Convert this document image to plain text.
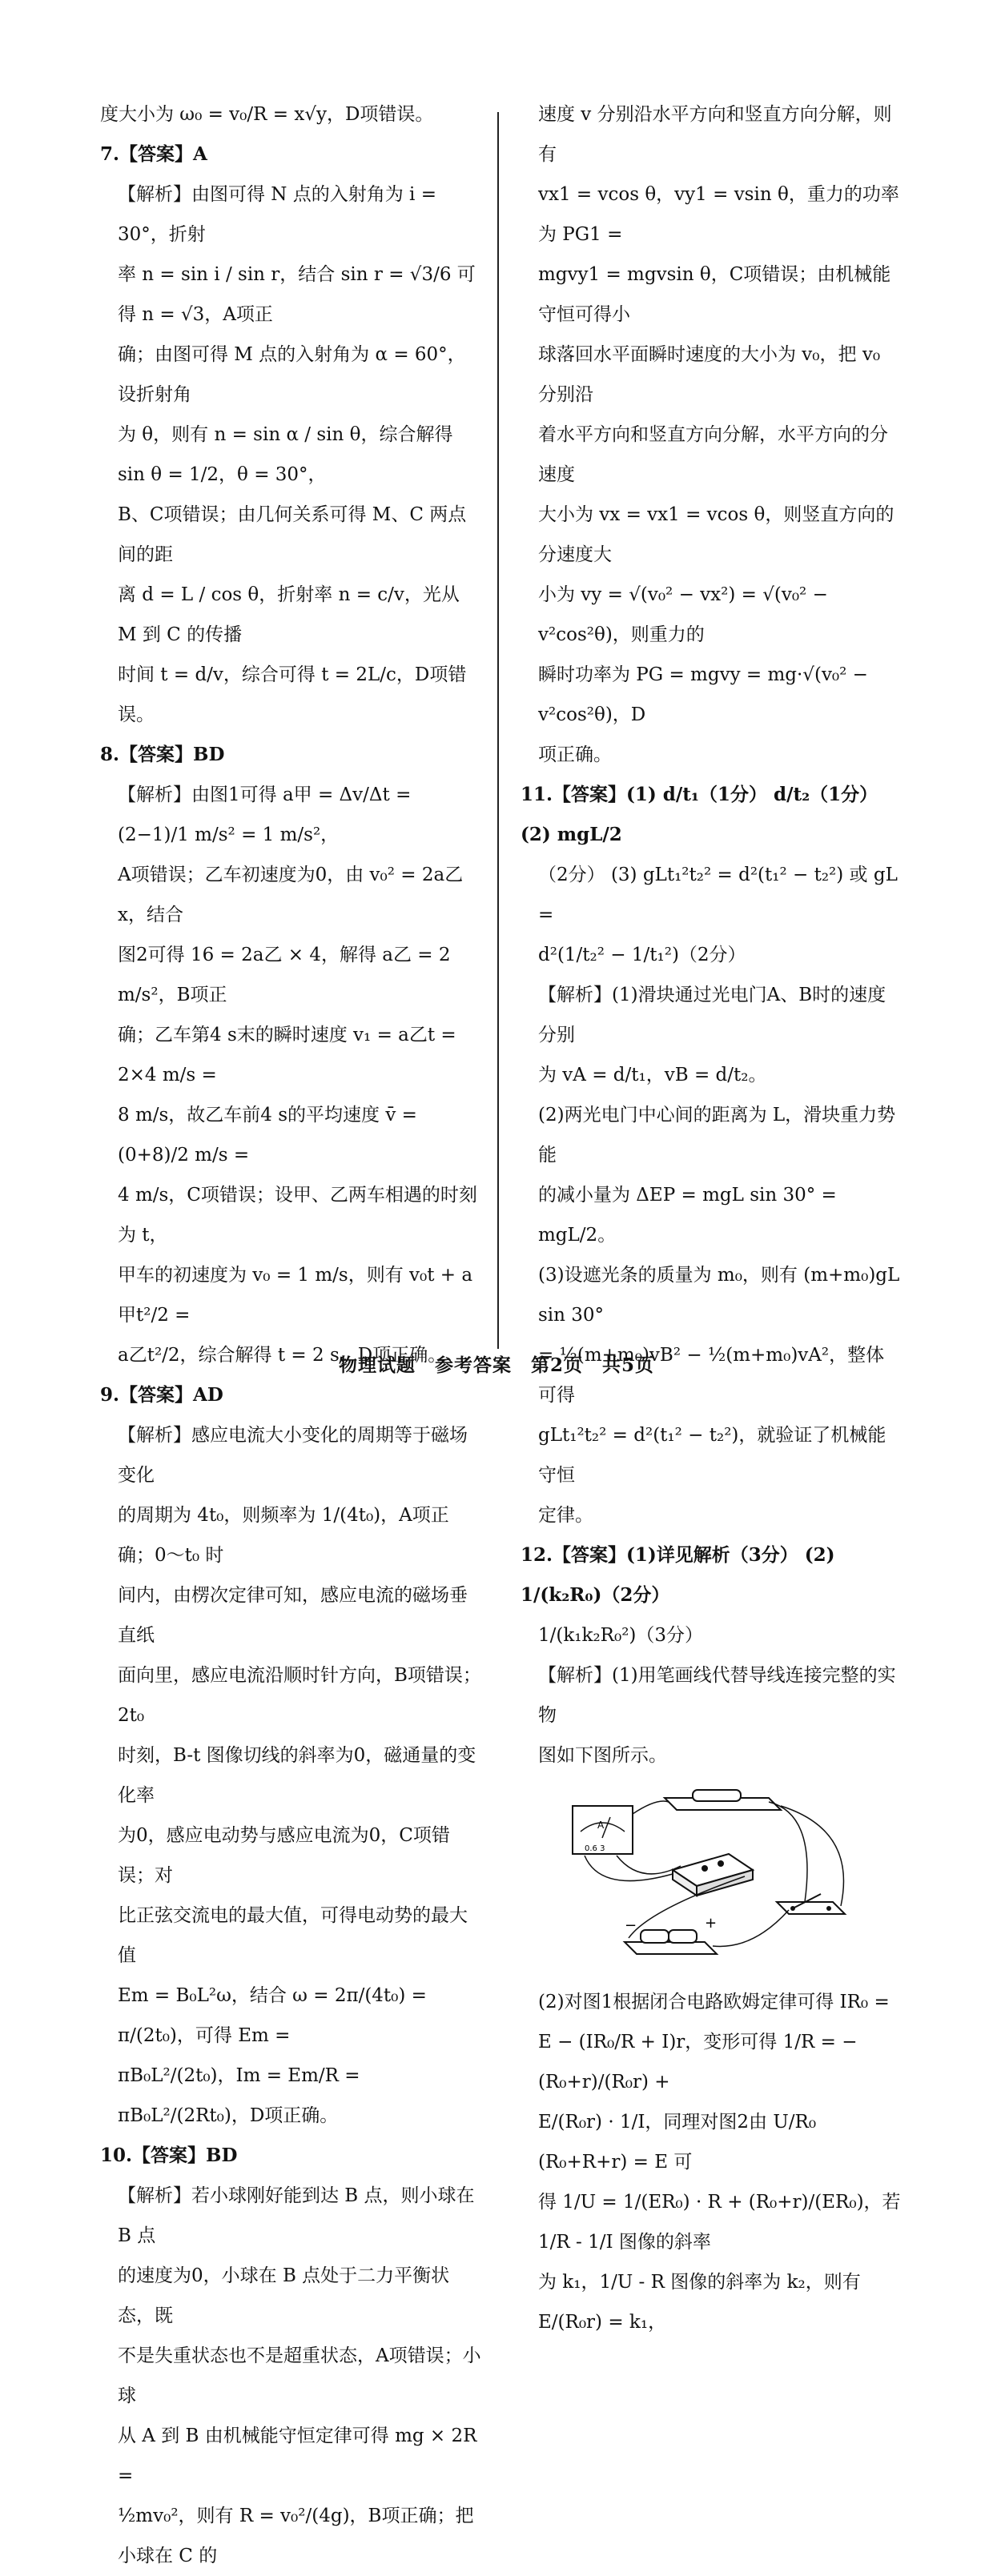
度大小为 ω₀ = v₀/R = x√y，D项错误。

7.【答案】A

【解析】由图可得 N 点的入射角为 i = 30°，折射

率 n = sin i / sin r，结合 sin r = √3/6 可得 n = √3，A项正

确；由图可得 M 点的入射角为 α = 60°，设折射角

为 θ，则有 n = sin α / sin θ，综合解得 sin θ = 1/2，θ = 30°，

B、C项错误；由几何关系可得 M、C 两点间的距

离 d = L / cos θ，折射率 n = c/v，光从 M 到 C 的传播

时间 t = d/v，综合可得 t = 2L/c，D项错误。

8.【答案】BD

【解析】由图1可得 a甲 = Δv/Δt = (2−1)/1 m/s² = 1 m/s²，

A项错误；乙车初速度为0，由 v₀² = 2a乙x，结合

图2可得 16 = 2a乙 × 4，解得 a乙 = 2 m/s²，B项正

确；乙车第4 s末的瞬时速度 v₁ = a乙t = 2×4 m/s =

8 m/s，故乙车前4 s的平均速度 v̄ = (0+8)/2 m/s =

4 m/s，C项错误；设甲、乙两车相遇的时刻为 t，

甲车的初速度为 v₀ = 1 m/s，则有 v₀t + a甲t²/2 =

a乙t²/2，综合解得 t = 2 s，D项正确。

9.【答案】AD

【解析】感应电流大小变化的周期等于磁场变化

的周期为 4t₀，则频率为 1/(4t₀)，A项正确；0～t₀ 时

间内，由楞次定律可知，感应电流的磁场垂直纸

面向里，感应电流沿顺时针方向，B项错误；2t₀

时刻，B-t 图像切线的斜率为0，磁通量的变化率

为0，感应电动势与感应电流为0，C项错误；对

比正弦交流电的最大值，可得电动势的最大值

Em = B₀L²ω，结合 ω = 2π/(4t₀) = π/(2t₀)，可得 Em =

πB₀L²/(2t₀)，Im = Em/R = πB₀L²/(2Rt₀)，D项正确。

10.【答案】BD

【解析】若小球刚好能到达 B 点，则小球在 B 点

的速度为0，小球在 B 点处于二力平衡状态，既

不是失重状态也不是超重状态，A项错误；小球

从 A 到 B 由机械能守恒定律可得 mg × 2R =

½mv₀²，则有 R = v₀²/(4g)，B项正确；把小球在 C 的

速度 v 分别沿水平方向和竖直方向分解，则有

vx1 = vcos θ，vy1 = vsin θ，重力的功率为 PG1 =

mgvy1 = mgvsin θ，C项错误；由机械能守恒可得小

球落回水平面瞬时速度的大小为 v₀，把 v₀ 分别沿

着水平方向和竖直方向分解，水平方向的分速度

大小为 vx = vx1 = vcos θ，则竖直方向的分速度大

小为 vy = √(v₀² − vx²) = √(v₀² − v²cos²θ)，则重力的

瞬时功率为 PG = mgvy = mg·√(v₀² − v²cos²θ)，D

项正确。

11.【答案】(1) d/t₁（1分） d/t₂（1分） (2) mgL/2

（2分） (3) gLt₁²t₂² = d²(t₁² − t₂²) 或 gL =

d²(1/t₂² − 1/t₁²)（2分）

【解析】(1)滑块通过光电门A、B时的速度分别

为 vA = d/t₁，vB = d/t₂。

(2)两光电门中心间的距离为 L，滑块重力势能

的减小量为 ΔEP = mgL sin 30° = mgL/2。

(3)设遮光条的质量为 m₀，则有 (m+m₀)gL sin 30°

= ½(m+m₀)vB² − ½(m+m₀)vA²，整体可得

gLt₁²t₂² = d²(t₁² − t₂²)，就验证了机械能守恒

定律。

12.【答案】(1)详见解析（3分） (2) 1/(k₂R₀)（2分）

1/(k₁k₂R₀²)（3分）

【解析】(1)用笔画线代替导线连接完整的实物

图如下图所示。

A
0.6 3
−	+

(2)对图1根据闭合电路欧姆定律可得 IR₀ =

E − (IR₀/R + I)r，变形可得 1/R = −(R₀+r)/(R₀r) +

E/(R₀r) · 1/I，同理对图2由 U/R₀ (R₀+R+r) = E 可

得 1/U = 1/(ER₀) · R + (R₀+r)/(ER₀)，若 1/R - 1/I 图像的斜率

为 k₁，1/U - R 图像的斜率为 k₂，则有 E/(R₀r) = k₁，

物理试题　参考答案　第2页　共5页
